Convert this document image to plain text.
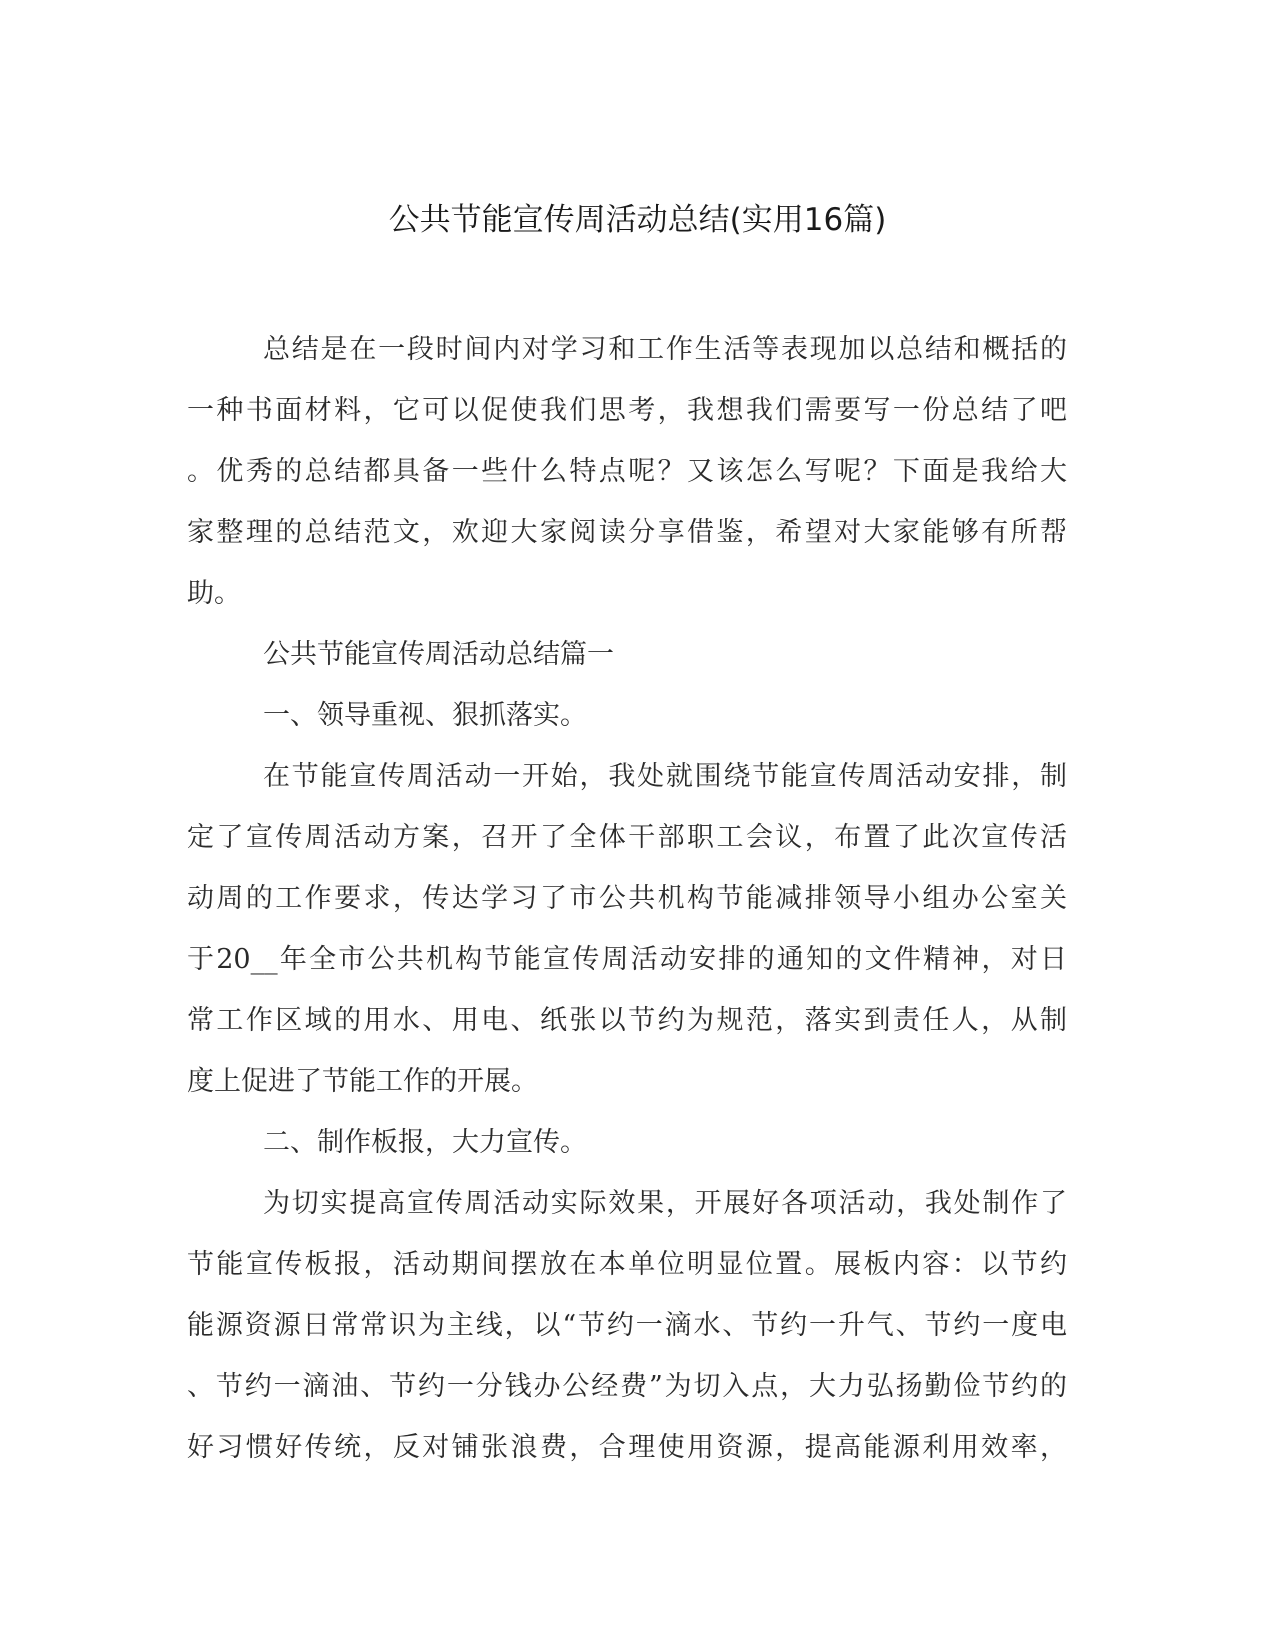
公共节能宣传周活动总结(实用16篇)
总结是在一段时间内对学习和工作生活等表现加以总结和概括的
一种书面材料，它可以促使我们思考，我想我们需要写一份总结了吧
。优秀的总结都具备一些什么特点呢？又该怎么写呢？下面是我给大
家整理的总结范文，欢迎大家阅读分享借鉴，希望对大家能够有所帮
助。
公共节能宣传周活动总结篇一
一、领导重视、狠抓落实。
在节能宣传周活动一开始，我处就围绕节能宣传周活动安排，制
定了宣传周活动方案，召开了全体干部职工会议，布置了此次宣传活
动周的工作要求，传达学习了市公共机构节能减排领导小组办公室关
于20__年全市公共机构节能宣传周活动安排的通知的文件精神，对日
常工作区域的用水、用电、纸张以节约为规范，落实到责任人，从制
度上促进了节能工作的开展。
二、制作板报，大力宣传。
为切实提高宣传周活动实际效果，开展好各项活动，我处制作了
节能宣传板报，活动期间摆放在本单位明显位置。展板内容：以节约
能源资源日常常识为主线，以“节约一滴水、节约一升气、节约一度电
、节约一滴油、节约一分钱办公经费”为切入点，大力弘扬勤俭节约的
好习惯好传统，反对铺张浪费，合理使用资源，提高能源利用效率，
